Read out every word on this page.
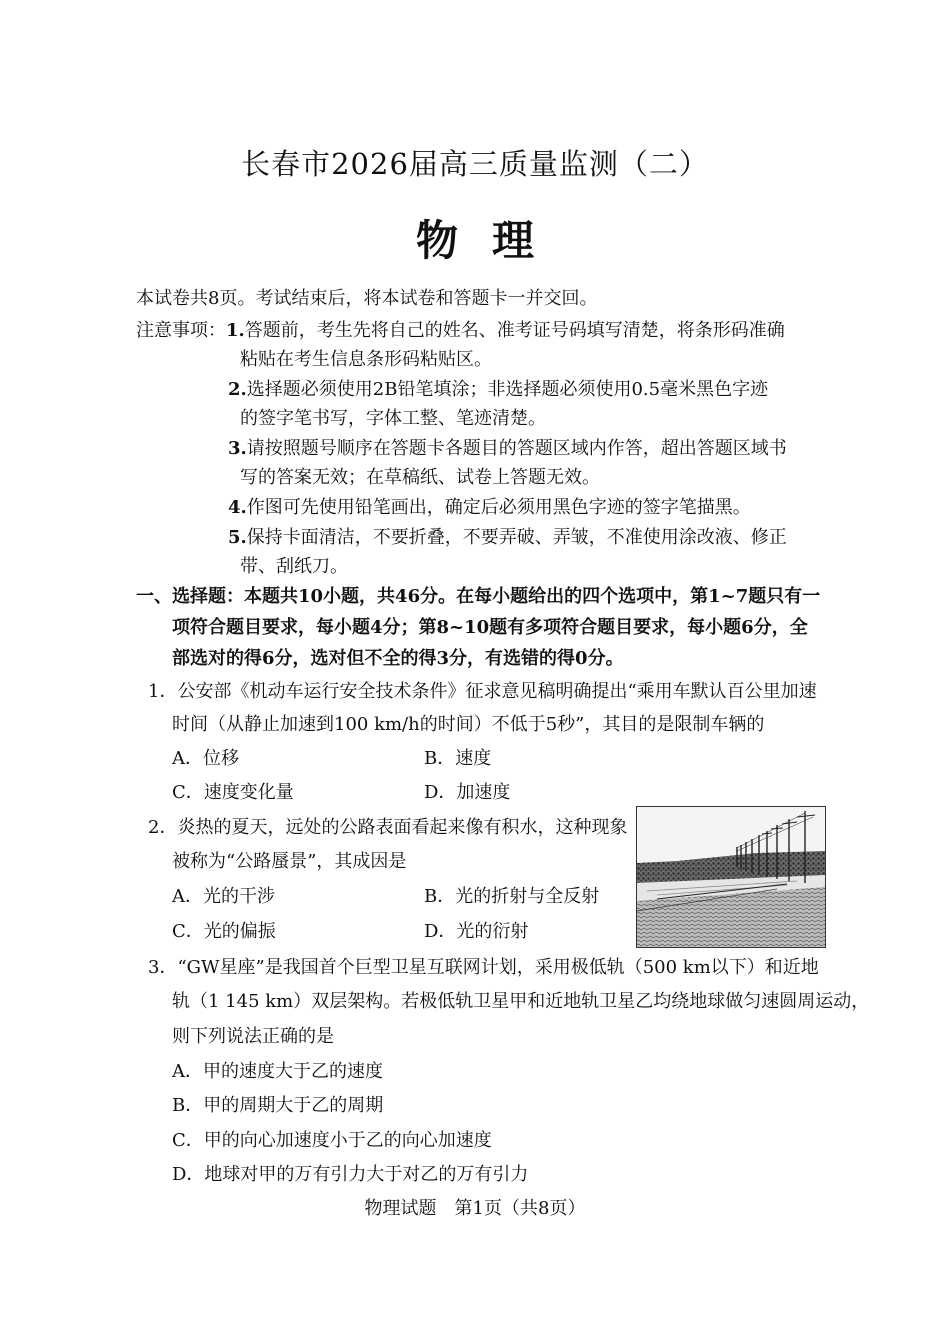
长春市2026届高三质量监测（二）
物理
本试卷共8页。考试结束后，将本试卷和答题卡一并交回。
注意事项：1.答题前，考生先将自己的姓名、准考证号码填写清楚，将条形码准确
粘贴在考生信息条形码粘贴区。
2.选择题必须使用2B铅笔填涂；非选择题必须使用0.5毫米黑色字迹
的签字笔书写，字体工整、笔迹清楚。
3.请按照题号顺序在答题卡各题目的答题区域内作答，超出答题区域书
写的答案无效；在草稿纸、试卷上答题无效。
4.作图可先使用铅笔画出，确定后必须用黑色字迹的签字笔描黑。
5.保持卡面清洁，不要折叠，不要弄破、弄皱，不准使用涂改液、修正
带、刮纸刀。
一、选择题：本题共10小题，共46分。在每小题给出的四个选项中，第1~7题只有一
项符合题目要求，每小题4分；第8~10题有多项符合题目要求，每小题6分，全
部选对的得6分，选对但不全的得3分，有选错的得0分。
1．公安部《机动车运行安全技术条件》征求意见稿明确提出“乘用车默认百公里加速
时间（从静止加速到100 km/h的时间）不低于5秒”，其目的是限制车辆的
A．位移	B．速度
C．速度变化量	D．加速度
2．炎热的夏天，远处的公路表面看起来像有积水，这种现象
被称为“公路蜃景”，其成因是
A．光的干涉	B．光的折射与全反射
C．光的偏振	D．光的衍射
3．“GW星座”是我国首个巨型卫星互联网计划，采用极低轨（500 km以下）和近地
轨（1 145 km）双层架构。若极低轨卫星甲和近地轨卫星乙均绕地球做匀速圆周运动，
则下列说法正确的是
A．甲的速度大于乙的速度
B．甲的周期大于乙的周期
C．甲的向心加速度小于乙的向心加速度
D．地球对甲的万有引力大于对乙的万有引力
物理试题　第1页（共8页）
